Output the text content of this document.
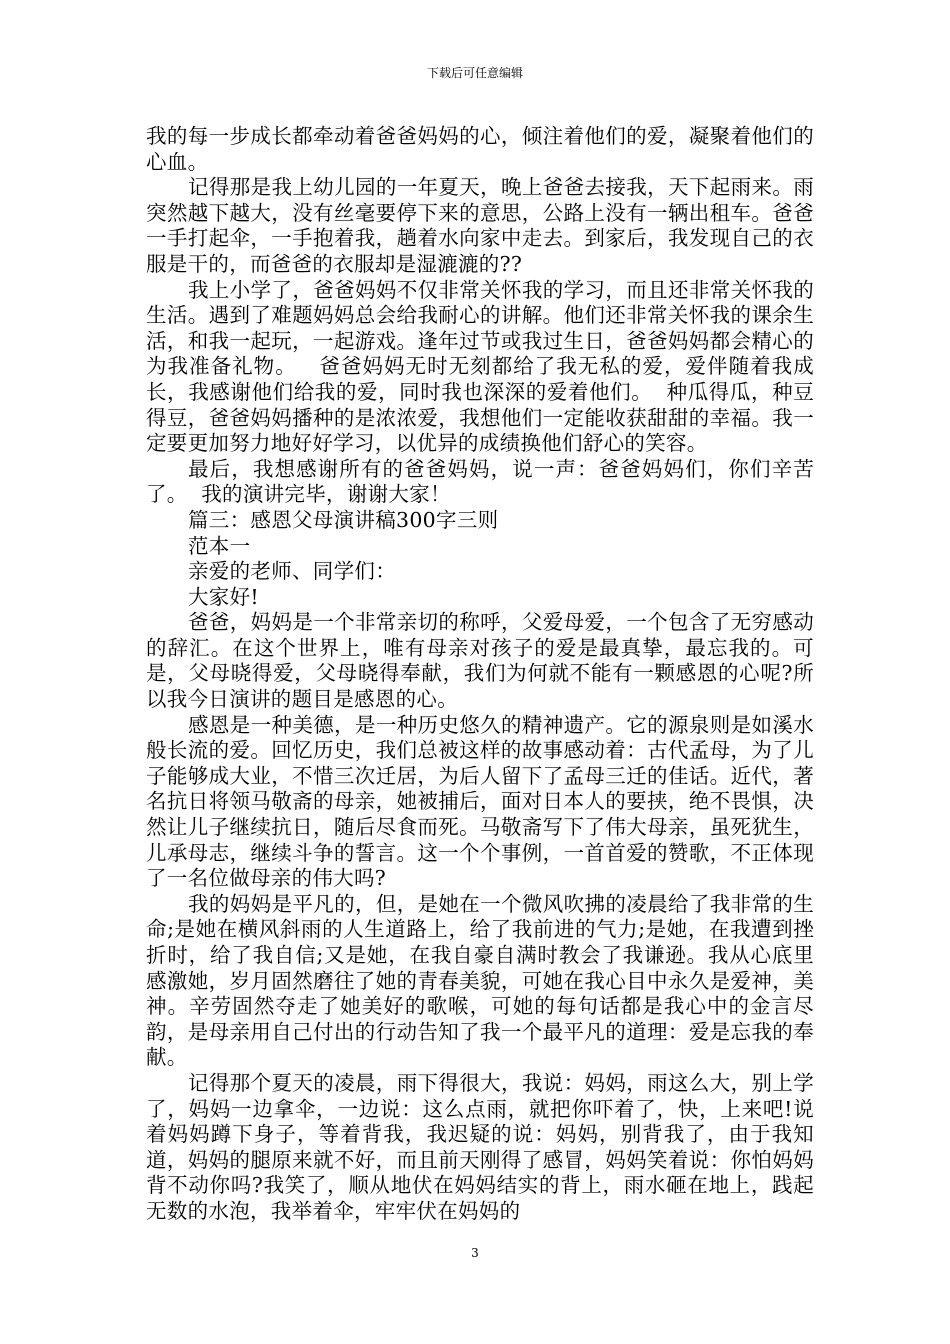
下载后可任意编辑

我的每一步成长都牵动着爸爸妈妈的心，倾注着他们的爱，凝聚着他们的心血。

记得那是我上幼儿园的一年夏天，晚上爸爸去接我，天下起雨来。雨突然越下越大，没有丝毫要停下来的意思，公路上没有一辆出租车。爸爸一手打起伞，一手抱着我，趟着水向家中走去。到家后，我发现自己的衣服是干的，而爸爸的衣服却是湿漉漉的??

我上小学了，爸爸妈妈不仅非常关怀我的学习，而且还非常关怀我的生活。遇到了难题妈妈总会给我耐心的讲解。他们还非常关怀我的课余生活，和我一起玩，一起游戏。逢年过节或我过生日，爸爸妈妈都会精心的为我准备礼物。   爸爸妈妈无时无刻都给了我无私的爱，爱伴随着我成长，我感谢他们给我的爱，同时我也深深的爱着他们。  种瓜得瓜，种豆得豆，爸爸妈妈播种的是浓浓爱，我想他们一定能收获甜甜的幸福。我一定要更加努力地好好学习，以优异的成绩换他们舒心的笑容。

最后，我想感谢所有的爸爸妈妈，说一声：爸爸妈妈们，你们辛苦了。  我的演讲完毕，谢谢大家！

篇三：感恩父母演讲稿300字三则

范本一

亲爱的老师、同学们：

大家好!

爸爸，妈妈是一个非常亲切的称呼，父爱母爱，一个包含了无穷感动的辞汇。在这个世界上，唯有母亲对孩子的爱是最真挚，最忘我的。可是，父母晓得爱，父母晓得奉献，我们为何就不能有一颗感恩的心呢?所以我今日演讲的题目是感恩的心。

感恩是一种美德，是一种历史悠久的精神遗产。它的源泉则是如溪水般长流的爱。回忆历史，我们总被这样的故事感动着：古代孟母，为了儿子能够成大业，不惜三次迁居，为后人留下了孟母三迁的佳话。近代，著名抗日将领马敬斋的母亲，她被捕后，面对日本人的要挟，绝不畏惧，决然让儿子继续抗日，随后尽食而死。马敬斋写下了伟大母亲，虽死犹生，儿承母志，继续斗争的誓言。这一个个事例，一首首爱的赞歌，不正体现了一名位做母亲的伟大吗?

我的妈妈是平凡的，但，是她在一个微风吹拂的凌晨给了我非常的生命;是她在横风斜雨的人生道路上，给了我前进的气力;是她，在我遭到挫折时，给了我自信;又是她，在我自豪自满时教会了我谦逊。我从心底里感激她，岁月固然磨往了她的青春美貌，可她在我心目中永久是爱神，美神。辛劳固然夺走了她美好的歌喉，可她的每句话都是我心中的金言尽韵，是母亲用自己付出的行动告知了我一个最平凡的道理：爱是忘我的奉献。

记得那个夏天的凌晨，雨下得很大，我说：妈妈，雨这么大，别上学了，妈妈一边拿伞，一边说：这么点雨，就把你吓着了，快，上来吧!说着妈妈蹲下身子，等着背我，我迟疑的说：妈妈，别背我了，由于我知道，妈妈的腿原来就不好，而且前天刚得了感冒，妈妈笑着说：你怕妈妈背不动你吗?我笑了，顺从地伏在妈妈结实的背上，雨水砸在地上，践起无数的水泡，我举着伞，牢牢伏在妈妈的

3
